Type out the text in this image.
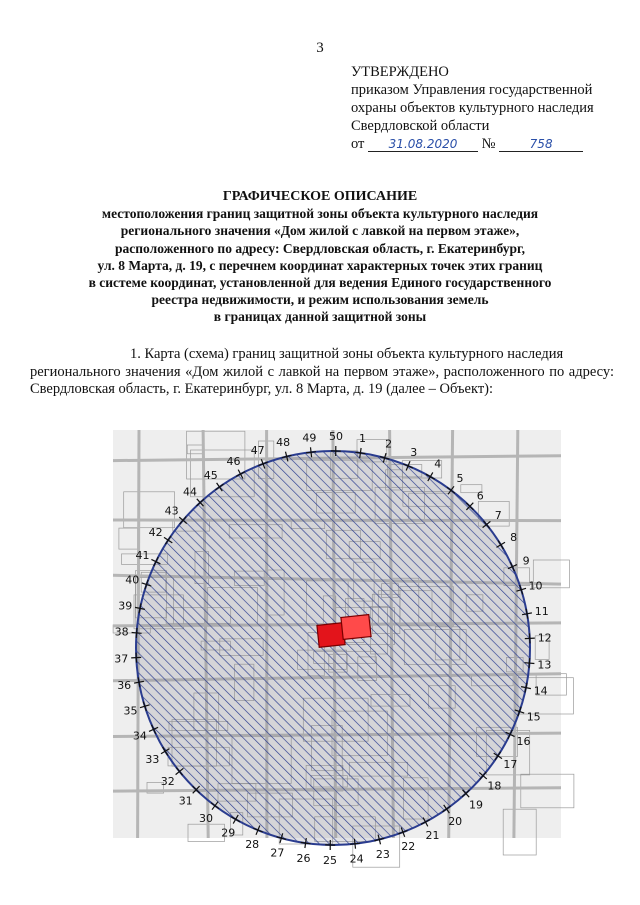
3
УТВЕРЖДЕНО
приказом Управления государственной
охраны объектов культурного наследия
Свердловской области
от 31.08.2020 №	758
ГРАФИЧЕСКОЕ ОПИСАНИЕ
местоположения границ защитной зоны объекта культурного наследия
регионального значения «Дом жилой с лавкой на первом этаже»,
расположенного по адресу: Свердловская область, г. Екатеринбург,
ул. 8 Марта, д. 19, с перечнем координат характерных точек этих границ
в системе координат, установленной для ведения Единого государственного
реестра недвижимости, и режим использования земель
в границах данной защитной зоны
1. Карта (схема) границ защитной зоны объекта культурного наследия
регионального значения «Дом жилой с лавкой на первом этаже», расположенного по адресу: Свердловская область, г. Екатеринбург, ул. 8 Марта, д. 19 (далее – Объект):
1 2
3
4
5
6
7
8
9
10
11
12
13
14
15
16
17
18
19
20
21
22
23
24
25
26
27
28
29
30
31
32
33
34
35
36
37
38
39
40
41
42
43
44
45
46
47
48 49 50
